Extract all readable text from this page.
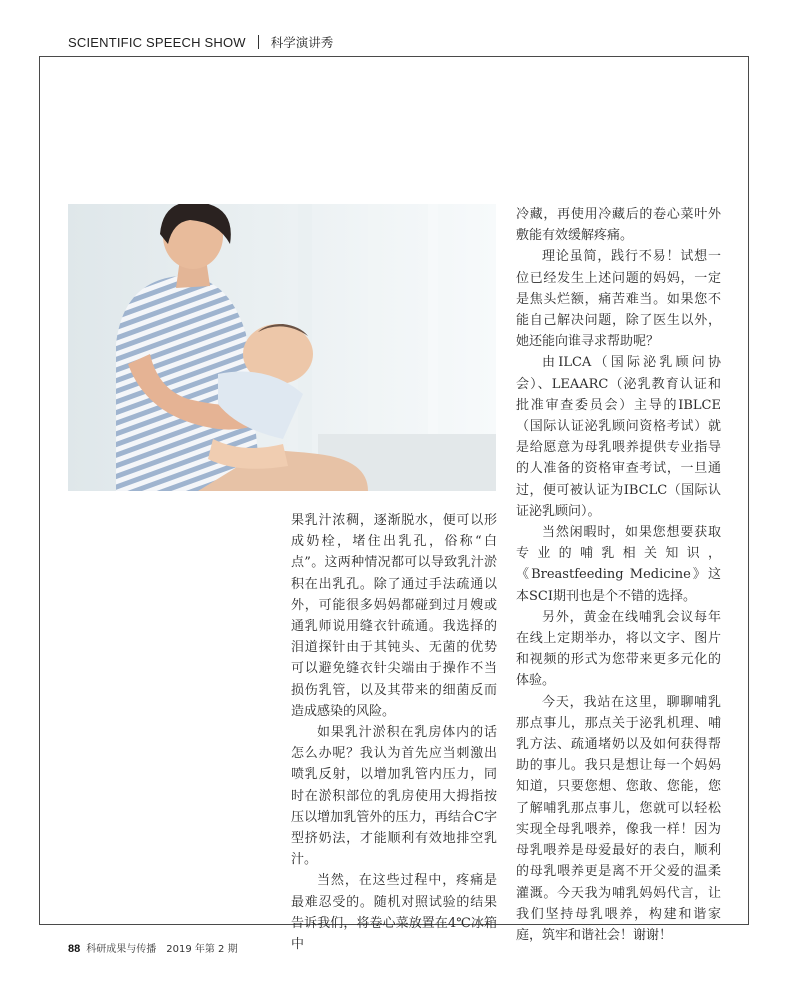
SCIENTIFIC SPEECH SHOW 科学演讲秀

果乳汁浓稠，逐渐脱水，便可以形成奶栓，堵住出乳孔，俗称“白点”。这两种情况都可以导致乳汁淤积在出乳孔。除了通过手法疏通以外，可能很多妈妈都碰到过月嫂或通乳师说用缝衣针疏通。我选择的泪道探针由于其钝头、无菌的优势可以避免缝衣针尖端由于操作不当损伤乳管，以及其带来的细菌反而造成感染的风险。

如果乳汁淤积在乳房体内的话怎么办呢？我认为首先应当刺激出喷乳反射，以增加乳管内压力，同时在淤积部位的乳房使用大拇指按压以增加乳管外的压力，再结合C字型挤奶法，才能顺利有效地排空乳汁。

当然，在这些过程中，疼痛是最难忍受的。随机对照试验的结果告诉我们，将卷心菜放置在4℃冰箱中

冷藏，再使用冷藏后的卷心菜叶外敷能有效缓解疼痛。

理论虽简，践行不易！试想一位已经发生上述问题的妈妈，一定是焦头烂额，痛苦难当。如果您不能自己解决问题，除了医生以外，她还能向谁寻求帮助呢？

由ILCA（国际泌乳顾问协会）、LEAARC（泌乳教育认证和批准审查委员会）主导的IBLCE（国际认证泌乳顾问资格考试）就是给愿意为母乳喂养提供专业指导的人准备的资格审查考试，一旦通过，便可被认证为IBCLC（国际认证泌乳顾问）。

当然闲暇时，如果您想要获取专业的哺乳相关知识，《Breastfeeding Medicine》这本SCI期刊也是个不错的选择。

另外，黄金在线哺乳会议每年在线上定期举办，将以文字、图片和视频的形式为您带来更多元化的体验。

今天，我站在这里，聊聊哺乳那点事儿，那点关于泌乳机理、哺乳方法、疏通堵奶以及如何获得帮助的事儿。我只是想让每一个妈妈知道，只要您想、您敢、您能，您了解哺乳那点事儿，您就可以轻松实现全母乳喂养，像我一样！因为母乳喂养是母爱最好的表白，顺利的母乳喂养更是离不开父爱的温柔灌溉。今天我为哺乳妈妈代言，让我们坚持母乳喂养，构建和谐家庭，筑牢和谐社会！谢谢！

88 科研成果与传播 2019 年第 2 期
